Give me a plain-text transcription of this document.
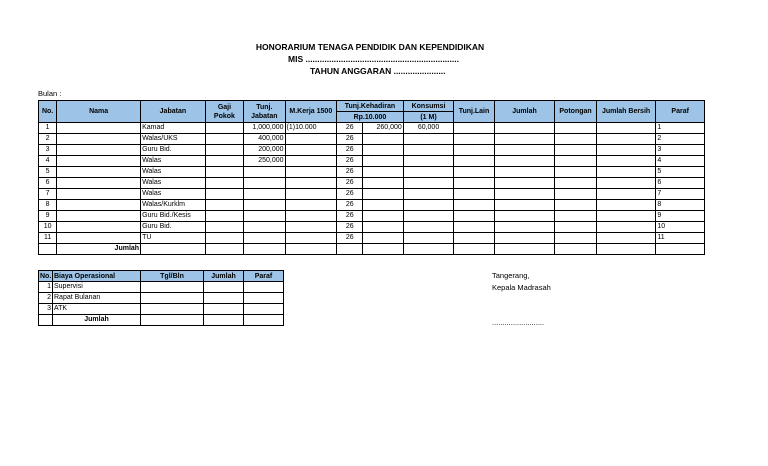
HONORARIUM TENAGA PENDIDIK DAN KEPENDIDIKAN
MIS .................................................................
TAHUN ANGGARAN ......................
Bulan :
No.	Nama	Jabatan	Gaji Pokok	Tunj. Jabatan	M.Kerja 1500	Tunj.Kehadiran		Konsumsi	Tunj.Lain	Jumlah	Potongan	Jumlah Bersih	Paraf
						Rp.10.000		(1 M)					
1		Kamad		1,000,000	(1)10.000	26	260,000	60,000					1
2		Walas/UKS		400,000		26							2
3		Guru Bid.		200,000		26							3
4		Walas		250,000		26							4
5		Walas				26							5
6		Walas				26							6
7		Walas				26							7
8		Walas/Kurklm				26							8
9		Guru Bid./Kesis				26							9
10		Guru Bid.				26							10
11		TU				26							11
	Jumlah												
No.	Biaya Operasional	Tgl/Bln	Jumlah	Paraf
1	Supervisi			
2	Rapat Bulanan			
3	ATK			
	Jumlah			
Tangerang,
Kepala Madrasah
.........................
